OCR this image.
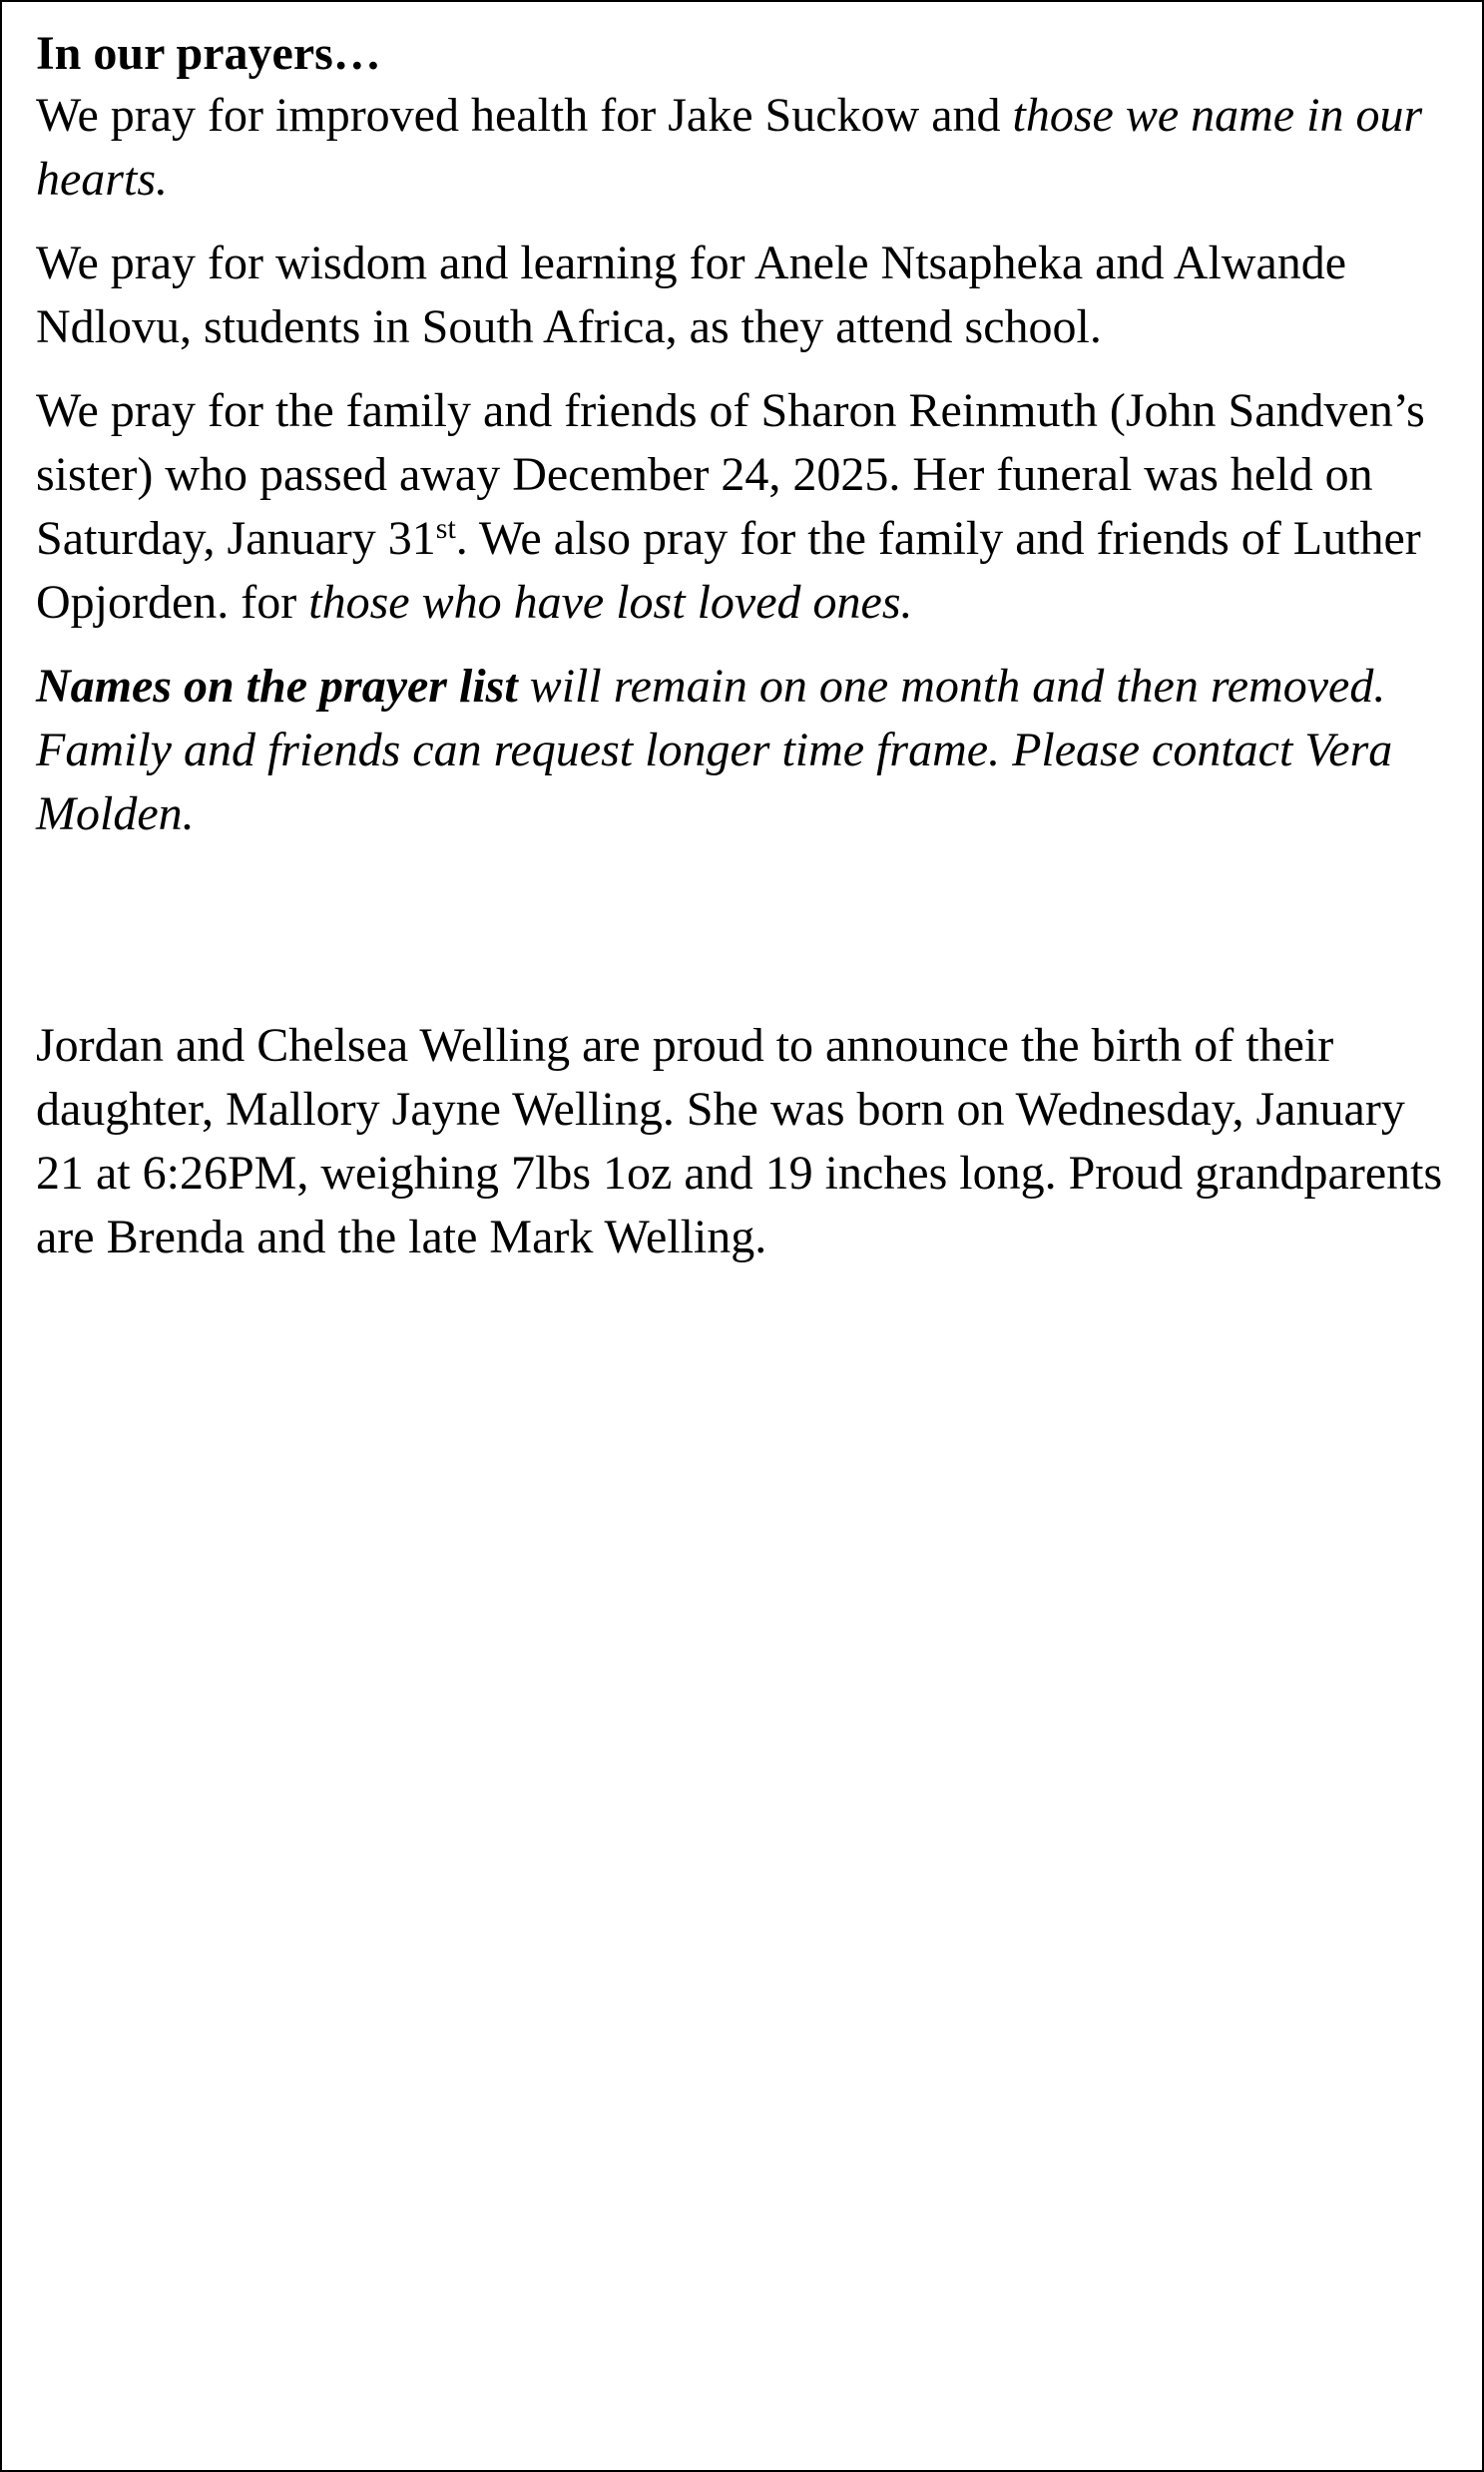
In our prayers…

We pray for improved health for Jake Suckow and those we name in our hearts.

We pray for wisdom and learning for Anele Ntsapheka and Alwande Ndlovu, students in South Africa, as they attend school.

We pray for the family and friends of Sharon Reinmuth (John Sandven’s sister) who passed away December 24, 2025. Her funeral was held on Saturday, January 31st. We also pray for the family and friends of Luther Opjorden. for those who have lost loved ones.

Names on the prayer list will remain on one month and then removed. Family and friends can request longer time frame. Please contact Vera Molden.

Jordan and Chelsea Welling are proud to announce the birth of their daughter, Mallory Jayne Welling. She was born on Wednesday, January 21 at 6:26PM, weighing 7lbs 1oz and 19 inches long. Proud grandparents are Brenda and the late Mark Welling.
